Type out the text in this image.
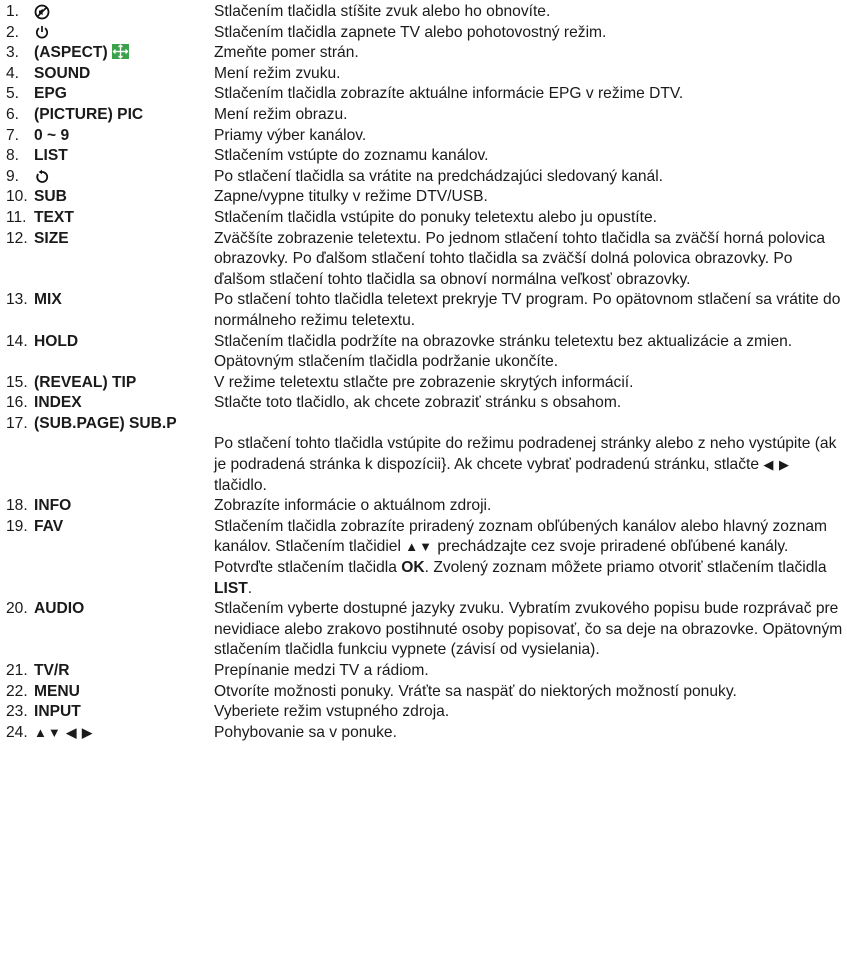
1.	Stlačením tlačidla stíšite zvuk alebo ho obnovíte.
2.	Stlačením tlačidla zapnete TV alebo pohotovostný režim.
3. (ASPECT)	Zmeňte pomer strán.
4. SOUND	Mení režim zvuku.
5. EPG	Stlačením tlačidla zobrazíte aktuálne informácie EPG v režime DTV.
6. (PICTURE) PIC	Mení režim obrazu.
7. 0 ~ 9	Priamy výber kanálov.
8. LIST	Stlačením vstúpte do zoznamu kanálov.
9.	Po stlačení tlačidla sa vrátite na predchádzajúci sledovaný kanál.
10. SUB	Zapne/vypne titulky v režime DTV/USB.
11. TEXT	Stlačením tlačidla vstúpite do ponuky teletextu alebo ju opustíte.
12. SIZE	Zväčšíte zobrazenie teletextu. Po jednom stlačení tohto tlačidla sa zväčší horná polovica obrazovky. Po ďalšom stlačení tohto tlačidla sa zväčší dolná polovica obrazovky. Po ďalšom stlačení tohto tlačidla sa obnoví normálna veľkosť obrazovky.
13. MIX	Po stlačení tohto tlačidla teletext prekryje TV program. Po opätovnom stlačení sa vrátite do normálneho režimu teletextu.
14. HOLD	Stlačením tlačidla podržíte na obrazovke stránku teletextu bez aktualizácie a zmien. Opätovným stlačením tlačidla podržanie ukončíte.
15. (REVEAL) TIP	V režime teletextu stlačte pre zobrazenie skrytých informácií.
16. INDEX	Stlačte toto tlačidlo, ak chcete zobraziť stránku s obsahom.
17. (SUB.PAGE) SUB.P
Po stlačení tohto tlačidla vstúpite do režimu podradenej stránky alebo z neho vystúpite (ak je podradená stránka k dispozícii}. Ak chcete vybrať podradenú stránku, stlačte ◀ ▶ tlačidlo.
18. INFO	Zobrazíte informácie o aktuálnom zdroji.
19. FAV	Stlačením tlačidla zobrazíte priradený zoznam obľúbených kanálov alebo hlavný zoznam kanálov. Stlačením tlačidiel ▲▼ prechádzajte cez svoje priradené obľúbené kanály. Potvrďte stlačením tlačidla OK. Zvolený zoznam môžete priamo otvoriť stlačením tlačidla LIST.
20. AUDIO	Stlačením vyberte dostupné jazyky zvuku. Vybratím zvukového popisu bude rozprávač pre nevidiace alebo zrakovo postihnuté osoby popisovať, čo sa deje na obrazovke. Opätovným stlačením tlačidla funkciu vypnete (závisí od vysielania).
21. TV/R	Prepínanie medzi TV a rádiom.
22. MENU	Otvoríte možnosti ponuky. Vráťte sa naspäť do niektorých možností ponuky.
23. INPUT	Vyberiete režim vstupného zdroja.
24. ▲▼ ◀ ▶	Pohybovanie sa v ponuke.
